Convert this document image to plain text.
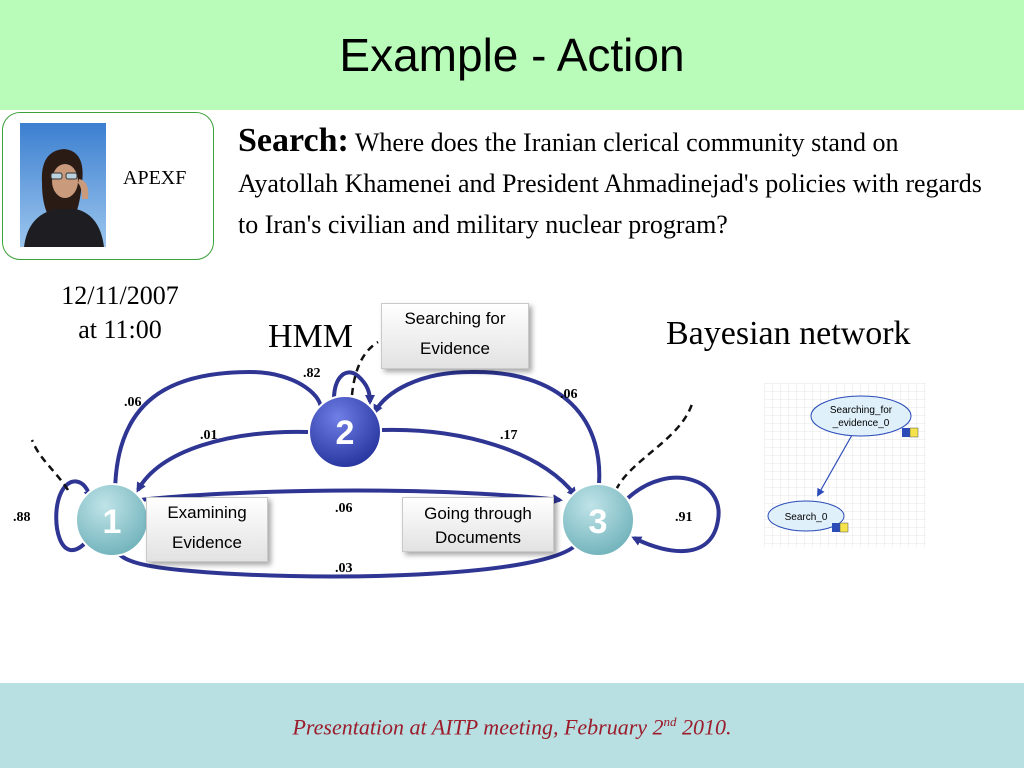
Example - Action
APEXF
12/11/2007
at 11:00
Search: Where does the Iranian clerical community stand on Ayatollah Khamenei and President Ahmadinejad's policies with regards to Iran's civilian and military nuclear program?
HMM	Bayesian network
2
1	3
.88
.82
.91
.06
.01	.17
.06
.06
.03
Searching for
Evidence
Examining
Evidence
Going through
Documents
Searching_for
_evidence_0
Search_0
Presentation at AITP meeting, February 2nd 2010.
